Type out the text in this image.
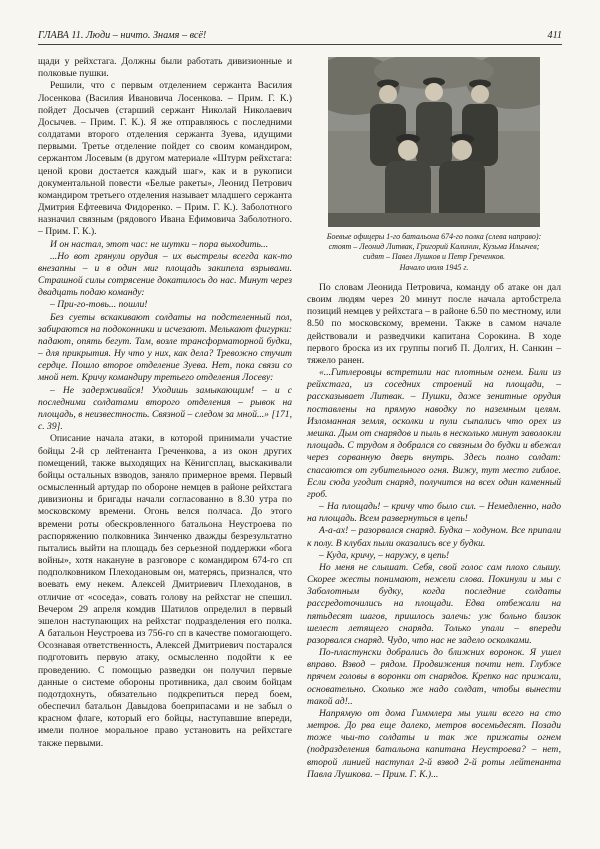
ГЛАВА 11. Люди – ничто. Знамя – всё!	411

щади у рейхстага. Должны были работать дивизионные и полковые пушки.

Решили, что с первым отделением сержанта Василия Лосенкова (Василия Ивановича Лосенкова. – Прим. Г. К.) пойдет Досычев (старший сержант Николай Николаевич Досычев. – Прим. Г. К.). Я же отправляюсь с последними солдатами второго отделения сержанта Зуева, идущими первыми. Третье отделение пойдет со своим командиром, сержантом Лосевым (в другом материале «Штурм рейхстага: ценой крови достается каждый шаг», как и в рукописи документальной повести «Белые ракеты», Леонид Петрович командиром третьего отделения называет младшего сержанта Дмитрия Ефтеевича Фидоренко. – Прим. Г. К.). Заболотного назначил связным (рядового Ивана Ефимовича Заболотного. – Прим. Г. К.).

И он настал, этот час: не шутки – пора выходить...

...Но вот грянули орудия – их выстрелы всегда как-то внезапны – и в один миг площадь закипела взрывами. Страшной силы сотрясение докатилось до нас. Минут через двадцать подаю команду:

– При-го-товь... пошли!

Без суеты вскакивают солдаты на подстеленный пол, забираются на подоконники и исчезают. Мелькают фигурки: падают, опять бегут. Там, возле трансформаторной будки, – для прикрытия. Ну что у них, как дела? Тревожно стучит сердце. Пошло второе отделение Зуева. Нет, пока связи со мной нет. Кричу командиру третьего отделения Лосеву:

– Не задерживайся! Уходишь замыкающим! – и с последними солдатами второго отделения – рывок на площадь, в неизвестность. Связной – следом за мной...» [171, с. 39].

Описание начала атаки, в которой принимали участие бойцы 2-й ср лейтенанта Греченкова, а из окон других помещений, также выходящих на Кёнигсплац, выскакивали бойцы остальных взводов, заняло примерное время. Первый осмысленный артудар по обороне немцев в районе рейхстага дивизионы и бригады начали согласованно в 8.30 утра по московскому времени. Огонь велся полчаса. До этого времени роты обескровленного батальона Неустроева по распоряжению полковника Зинченко дважды безрезультатно пытались выйти на площадь без серьезной поддержки «бога войны», хотя накануне в разговоре с командиром 674-го сп подполковником Плеходановым он, матерясь, признался, что воевать ему некем. Алексей Дмитриевич Плеходанов, в отличие от «соседа», совать голову на рейхстаг не спешил. Вечером 29 апреля комдив Шатилов определил в первый эшелон наступающих на рейхстаг подразделения его полка. А батальон Неустроева из 756-го сп в качестве помогающего. Осознавая ответственность, Алексей Дмитриевич постарался подготовить первую атаку, осмысленно подойти к ее проведению. С помощью разведки он получил первые данные о системе обороны противника, дал своим бойцам подотдохнуть, обязательно подкрепиться перед боем, обеспечил батальон Давыдова боеприпасами и не забыл о красном флаге, который его бойцы, наступавшие впереди, имели полное моральное право установить на рейхстаге также первыми.

Боевые офицеры 1-го батальона 674-го полка (слева направо):
стоят – Леонид Литвак, Григорий Калинин, Кузьма Ильичев;
сидят – Павел Лушков и Петр Греченков.
Начало июля 1945 г.

По словам Леонида Петровича, команду об атаке он дал своим людям через 20 минут после начала артобстрела позиций немцев у рейхстага – в районе 6.50 по местному, или 8.50 по московскому, времени. Также в самом начале действовали и разведчики капитана Сорокина. В ходе первого броска из их группы погиб П. Долгих, Н. Санкин – тяжело ранен.

«...Гитлеровцы встретили нас плотным огнем. Били из рейхстага, из соседних строений на площади, – рассказывает Литвак. – Пушки, даже зенитные орудия поставлены на прямую наводку по наземным целям. Изломанная земля, осколки и пули сыпались что орех из мешка. Дым от снарядов и пыль в несколько минут заволокли площадь. С трудом я добрался со связным до будки и вбежал через сорванную дверь внутрь. Здесь полно солдат: спасаются от губительного огня. Вижу, тут место гиблое. Если сюда угодит снаряд, получится на всех один каменный гроб.

– На площадь! – кричу что было сил. – Немедленно, надо на площадь. Всем развернуться в цепь!

А-а-ах! – разорвался снаряд. Будка – ходуном. Все припали к полу. В клубах пыли оказались все у будки.

– Куда, кричу, – наружу, в цепь!

Но меня не слышат. Себя, свой голос сам плохо слышу. Скорее жесты понимают, нежели слова. Покинули и мы с Заболотным будку, когда последние солдаты рассредоточились на площади. Едва отбежали на пятьдесят шагов, пришлось залечь: уж больно близок шелест летящего снаряда. Только упали – впереди разорвался снаряд. Чудо, что нас не задело осколками.

По-пластунски добрались до ближних воронок. Я ушел вправо. Взвод – рядом. Продвижения почти нет. Глубже прячем головы в воронки от снарядов. Крепко нас прижали, основательно. Сколько же надо солдат, чтобы вынести такой ад!..

Напрямую от дома Гиммлера мы ушли всего на сто метров. До рва еще далеко, метров восемьдесят. Позади тоже чьи-то солдаты и так же прижаты огнем (подразделения батальона капитана Неустроева? – нет, второй линией наступал 2-й взвод 2-й роты лейтенанта Павла Лушкова. – Прим. Г. К.)...
